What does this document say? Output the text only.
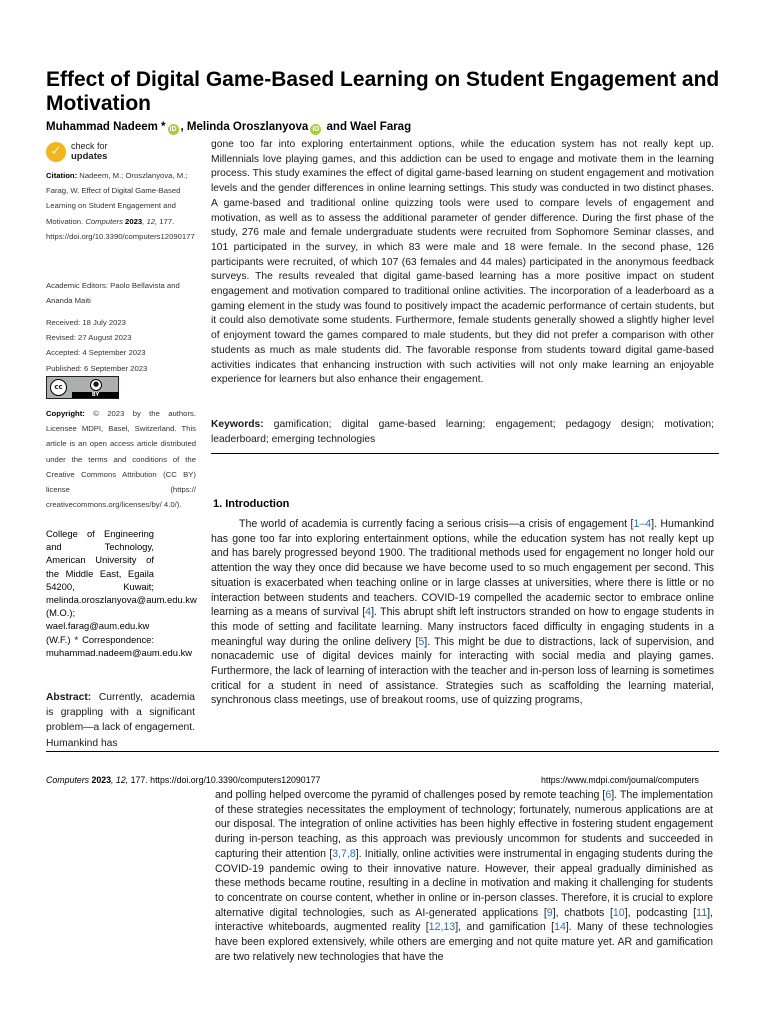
Effect of Digital Game-Based Learning on Student Engagement and Motivation
Muhammad Nadeem * iD , Melinda Oroszlanyova iD and Wael Farag
✓	check for
updates
Citation: Nadeem, M.; Oroszlanyova, M.; Farag, W. Effect of Digital Game-Based Learning on Student Engagement and Motivation. Computers 2023, 12, 177. https://doi.org/10.3390/computers12090177
Academic Editors: Paolo Bellavista and Ananda Maiti
Received: 18 July 2023
Revised: 27 August 2023
Accepted: 4 September 2023
Published: 6 September 2023
cc	●
BY
Copyright: © 2023 by the authors. Licensee MDPI, Basel, Switzerland. This article is an open access article distributed under the terms and conditions of the Creative Commons Attribution (CC BY) license (https:// creativecommons.org/licenses/by/ 4.0/).
College of Engineering and Technology, American University of the Middle East, Egaila 54200, Kuwait; melinda.oroszlanyova@aum.edu.kw (M.O.); wael.farag@aum.edu.kw (W.F.) * Correspondence: muhammad.nadeem@aum.edu.kw
Abstract: Currently, academia is grappling with a significant problem—a lack of engagement. Humankind has
gone too far into exploring entertainment options, while the education system has not really kept up. Millennials love playing games, and this addiction can be used to engage and motivate them in the learning process. This study examines the effect of digital game-based learning on student engagement and motivation levels and the gender differences in online learning settings. This study was conducted in two distinct phases. A game-based and traditional online quizzing tools were used to compare levels of engagement and motivation, as well as to assess the additional parameter of gender difference. During the first phase of the study, 276 male and female undergraduate students were recruited from Sophomore Seminar classes, and 101 participated in the survey, in which 83 were male and 18 were female. In the second phase, 126 participants were recruited, of which 107 (63 females and 44 males) participated in the anonymous feedback surveys. The results revealed that digital game-based learning has a more positive impact on student engagement and motivation compared to traditional online activities. The incorporation of a leaderboard as a gaming element in the study was found to positively impact the academic performance of certain students, but it could also demotivate some students. Furthermore, female students generally showed a slightly higher level of enjoyment toward the games compared to male students, but they did not prefer a comparison with other students as much as male students did. The favorable response from students toward digital game-based activities indicates that enhancing instruction with such activities will not only make learning an enjoyable experience for learners but also enhance their engagement.
Keywords: gamification; digital game-based learning; engagement; pedagogy design; motivation; leaderboard; emerging technologies
1. Introduction

The world of academia is currently facing a serious crisis—a crisis of engagement [1–4]. Humankind has gone too far into exploring entertainment options, while the education system has not really kept up and has barely progressed beyond 1900. The traditional methods used for engagement no longer hold our attention the way they once did because we have become used to so much engagement per second. This situation is exacerbated when teaching online or in large classes at universities, where there is little or no interaction between students and teachers. COVID-19 compelled the academic sector to embrace online learning as a means of survival [4]. This abrupt shift left instructors stranded on how to engage students in this mode of setting and facilitate learning. Many instructors faced difficulty in engaging students in a meaningful way during the online delivery [5]. This might be due to distractions, lack of supervision, and nonacademic use of digital devices mainly for interacting with social media and playing games. Furthermore, the lack of learning of interaction with the teacher and in-person loss of learning is sometimes critical for a student in need of assistance. Strategies such as scaffolding the learning material, synchronous class meetings, use of breakout rooms, use of quizzing programs,

Computers 2023, 12, 177. https://doi.org/10.3390/computers12090177	https://www.mdpi.com/journal/computers
and polling helped overcome the pyramid of challenges posed by remote teaching [6]. The implementation of these strategies necessitates the employment of technology; fortunately, numerous applications are at our disposal. The integration of online activities has been highly effective in fostering student engagement during in-person teaching, as this approach was previously uncommon for students and succeeded in capturing their attention [3,7,8]. Initially, online activities were instrumental in engaging students during the COVID-19 pandemic owing to their innovative nature. However, their appeal gradually diminished as these methods became routine, resulting in a decline in motivation and making it challenging for students to concentrate on course content, whether in online or in-person classes. Therefore, it is crucial to explore alternative digital technologies, such as AI-generated applications [9], chatbots [10], podcasting [11], interactive whiteboards, augmented reality [12,13], and gamification [14]. Many of these technologies have been explored extensively, while others are emerging and not quite mature yet. AR and gamification are two relatively new technologies that have the
